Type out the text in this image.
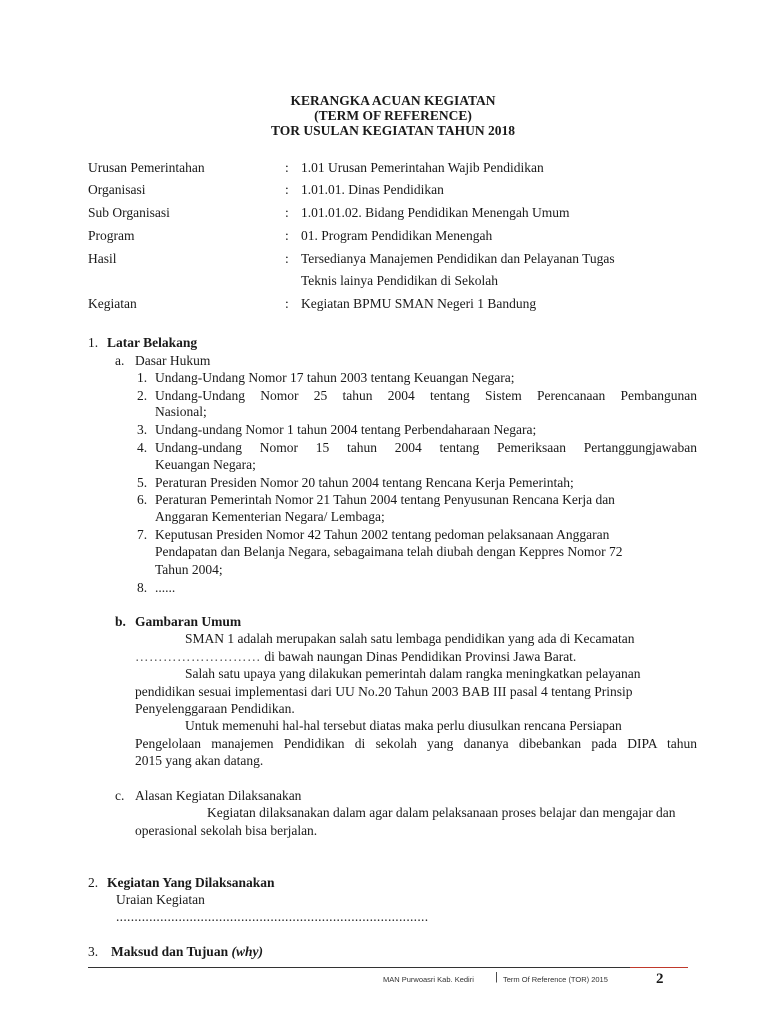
KERANGKA ACUAN KEGIATAN
(TERM OF REFERENCE)
TOR USULAN KEGIATAN TAHUN 2018
Urusan Pemerintahan	: 1.01 Urusan Pemerintahan Wajib Pendidikan
Organisasi	: 1.01.01. Dinas Pendidikan
Sub Organisasi	: 1.01.01.02. Bidang Pendidikan Menengah Umum
Program	: 01. Program Pendidikan Menengah
Hasil	: Tersedianya Manajemen Pendidikan dan Pelayanan Tugas
Teknis lainya Pendidikan di Sekolah
Kegiatan	: Kegiatan BPMU SMAN Negeri 1 Bandung
1. Latar Belakang
a. Dasar Hukum
1. Undang-Undang Nomor 17 tahun 2003 tentang Keuangan Negara;
2. Undang-Undang Nomor 25 tahun 2004 tentang Sistem Perencanaan Pembangunan
Nasional;
3. Undang-undang Nomor 1 tahun 2004 tentang Perbendaharaan Negara;
4. Undang-undang Nomor 15 tahun 2004 tentang Pemeriksaan Pertanggungjawaban
Keuangan Negara;
5. Peraturan Presiden Nomor 20 tahun 2004 tentang Rencana Kerja Pemerintah;
6. Peraturan Pemerintah Nomor 21 Tahun 2004 tentang Penyusunan Rencana Kerja dan
Anggaran Kementerian Negara/ Lembaga;
7. Keputusan Presiden Nomor 42 Tahun 2002 tentang pedoman pelaksanaan Anggaran
Pendapatan dan Belanja Negara, sebagaimana telah diubah dengan Keppres Nomor 72
Tahun 2004;
8. ......
b. Gambaran Umum
SMAN 1 adalah merupakan salah satu lembaga pendidikan yang ada di Kecamatan
……………………… di bawah naungan Dinas Pendidikan Provinsi Jawa Barat.
Salah satu upaya yang dilakukan pemerintah dalam rangka meningkatkan pelayanan
pendidikan sesuai implementasi dari UU No.20 Tahun 2003 BAB III pasal 4 tentang Prinsip
Penyelenggaraan Pendidikan.
Untuk memenuhi hal-hal tersebut diatas maka perlu diusulkan rencana Persiapan
Pengelolaan manajemen Pendidikan di sekolah yang dananya dibebankan pada DIPA tahun
2015 yang akan datang.
c. Alasan Kegiatan Dilaksanakan
Kegiatan dilaksanakan dalam agar dalam pelaksanaan proses belajar dan mengajar dan
operasional sekolah bisa berjalan.
2. Kegiatan Yang Dilaksanakan
Uraian Kegiatan
.....................................................................................
3. Maksud dan Tujuan (why)
MAN Purwoasri Kab. Kediri | Term Of Reference (TOR) 2015	2
